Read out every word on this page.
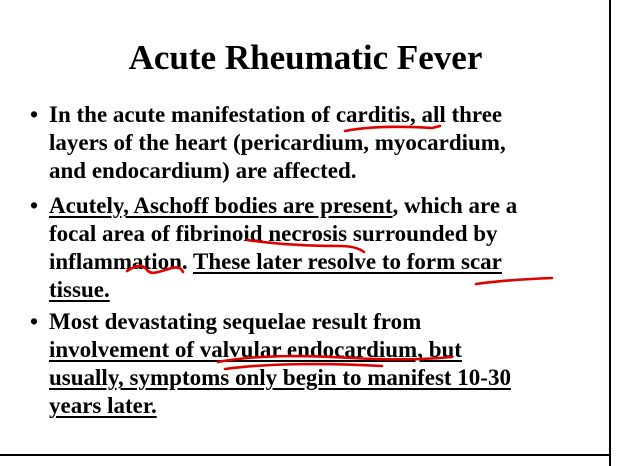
Acute Rheumatic Fever
• In the acute manifestation of carditis, all three
layers of the heart (pericardium, myocardium,
and endocardium) are affected.
• Acutely, Aschoff bodies are present, which are a
focal area of fibrinoid necrosis surrounded by
inflammation. These later resolve to form scar
tissue.
• Most devastating sequelae result from
involvement of valvular endocardium, but
usually, symptoms only begin to manifest 10-30
years later.
